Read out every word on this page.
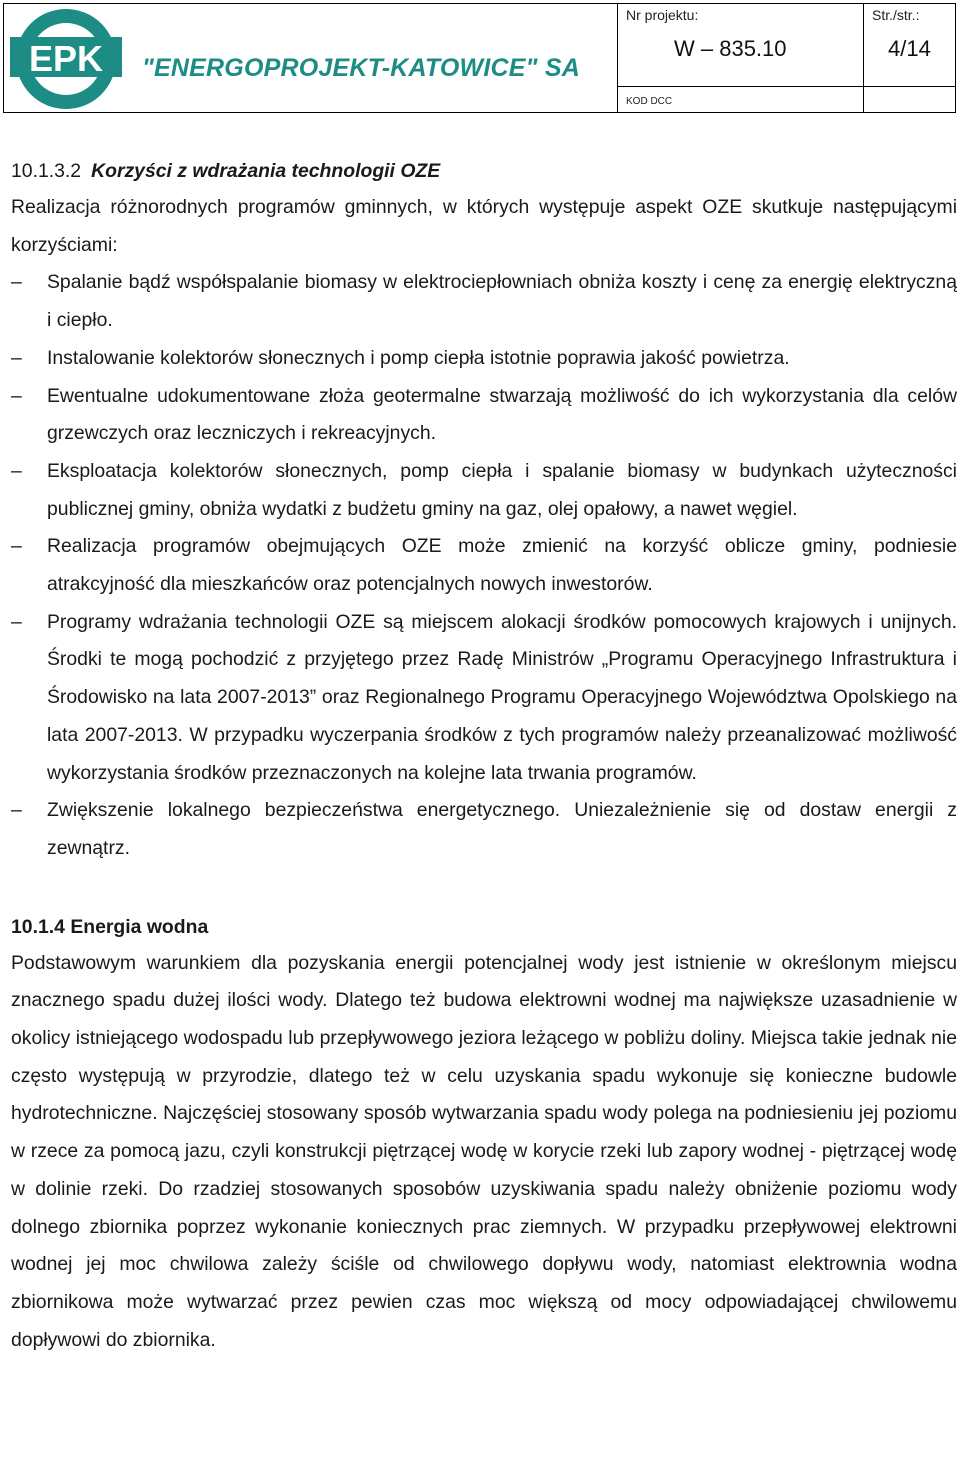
EPK "ENERGOPROJEKT-KATOWICE" SA
Nr projektu:
W – 835.10
KOD DCC
Str./str.:
4/14
10.1.3.2 Korzyści z wdrażania technologii OZE

Realizacja różnorodnych programów gminnych, w których występuje aspekt OZE skutkuje następującymi korzyściami:

–	Spalanie bądź współspalanie biomasy w elektrociepłowniach obniża koszty i cenę za energię elektryczną i ciepło.
–	Instalowanie kolektorów słonecznych i pomp ciepła istotnie poprawia jakość powietrza.
–	Ewentualne udokumentowane złoża geotermalne stwarzają możliwość do ich wykorzystania dla celów grzewczych oraz leczniczych i rekreacyjnych.
–	Eksploatacja kolektorów słonecznych, pomp ciepła i spalanie biomasy w budynkach użyteczności publicznej gminy, obniża wydatki z budżetu gminy na gaz, olej opałowy, a nawet węgiel.
–	Realizacja programów obejmujących OZE może zmienić na korzyść oblicze gminy, podniesie atrakcyjność dla mieszkańców oraz potencjalnych nowych inwestorów.
–	Programy wdrażania technologii OZE są miejscem alokacji środków pomocowych krajowych i unijnych. Środki te mogą pochodzić z przyjętego przez Radę Ministrów „Programu Operacyjnego Infrastruktura i Środowisko na lata 2007-2013” oraz Regionalnego Programu Operacyjnego Województwa Opolskiego na lata 2007-2013. W przypadku wyczerpania środków z tych programów należy przeanalizować możliwość wykorzystania środków przeznaczonych na kolejne lata trwania programów.
–	Zwiększenie lokalnego bezpieczeństwa energetycznego. Uniezależnienie się od dostaw energii z zewnątrz.
10.1.4 Energia wodna

Podstawowym warunkiem dla pozyskania energii potencjalnej wody jest istnienie w określonym miejscu znacznego spadu dużej ilości wody. Dlatego też budowa elektrowni wodnej ma największe uzasadnienie w okolicy istniejącego wodospadu lub przepływowego jeziora leżącego w pobliżu doliny. Miejsca takie jednak nie często występują w przyrodzie, dlatego też w celu uzyskania spadu wykonuje się konieczne budowle hydrotechniczne. Najczęściej stosowany sposób wytwarzania spadu wody polega na podniesieniu jej poziomu w rzece za pomocą jazu, czyli konstrukcji piętrzącej wodę w korycie rzeki lub zapory wodnej - piętrzącej wodę w dolinie rzeki. Do rzadziej stosowanych sposobów uzyskiwania spadu należy obniżenie poziomu wody dolnego zbiornika poprzez wykonanie koniecznych prac ziemnych. W przypadku przepływowej elektrowni wodnej jej moc chwilowa zależy ściśle od chwilowego dopływu wody, natomiast elektrownia wodna zbiornikowa może wytwarzać przez pewien czas moc większą od mocy odpowiadającej chwilowemu dopływowi do zbiornika.
